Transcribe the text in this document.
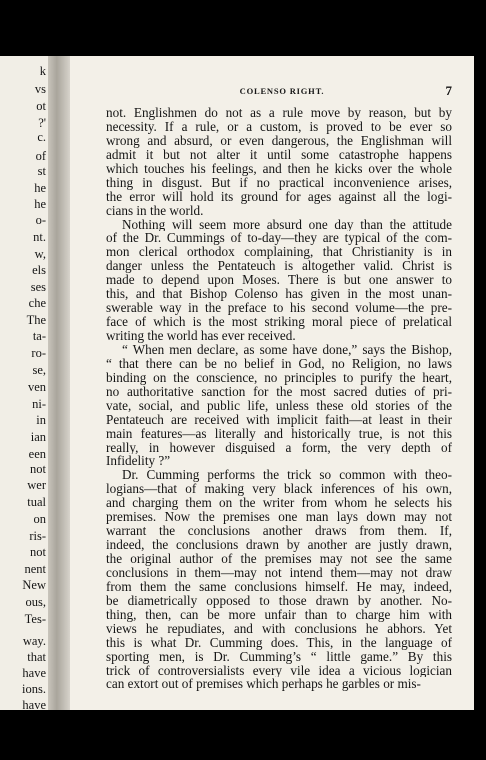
k
vs
ot
?'
c.
of
st
he
he
o-
nt.
w,
els
ses
che
The
ta-
ro-
se,
ven
ni-
in
ian
een
not
wer
tual
on
ris-
not
nent
New
ous,
Tes-
way.
that
have
ions.
have
COLENSO RIGHT.	7
not. Englishmen do not as a rule move by reason, but by
necessity. If a rule, or a custom, is proved to be ever so
wrong and absurd, or even dangerous, the Englishman will
admit it but not alter it until some catastrophe happens
which touches his feelings, and then he kicks over the whole
thing in disgust. But if no practical inconvenience arises,
the error will hold its ground for ages against all the logi-
cians in the world.
Nothing will seem more absurd one day than the attitude
of the Dr. Cummings of to-day—they are typical of the com-
mon clerical orthodox complaining, that Christianity is in
danger unless the Pentateuch is altogether valid. Christ is
made to depend upon Moses. There is but one answer to
this, and that Bishop Colenso has given in the most unan-
swerable way in the preface to his second volume—the pre-
face of which is the most striking moral piece of prelatical
writing the world has ever received.
“ When men declare, as some have done,” says the Bishop,
“ that there can be no belief in God, no Religion, no laws
binding on the conscience, no principles to purify the heart,
no authoritative sanction for the most sacred duties of pri-
vate, social, and public life, unless these old stories of the
Pentateuch are received with implicit faith—at least in their
main features—as literally and historically true, is not this
really, in however disguised a form, the very depth of
Infidelity ?”
Dr. Cumming performs the trick so common with theo-
logians—that of making very black inferences of his own,
and charging them on the writer from whom he selects his
premises. Now the premises one man lays down may not
warrant the conclusions another draws from them. If,
indeed, the conclusions drawn by another are justly drawn,
the original author of the premises may not see the same
conclusions in them—may not intend them—may not draw
from them the same conclusions himself. He may, indeed,
be diametrically opposed to those drawn by another. No-
thing, then, can be more unfair than to charge him with
views he repudiates, and with conclusions he abhors. Yet
this is what Dr. Cumming does. This, in the language of
sporting men, is Dr. Cumming’s “ little game.” By this
trick of controversialists every vile idea a vicious logician
can extort out of premises which perhaps he garbles or mis-
